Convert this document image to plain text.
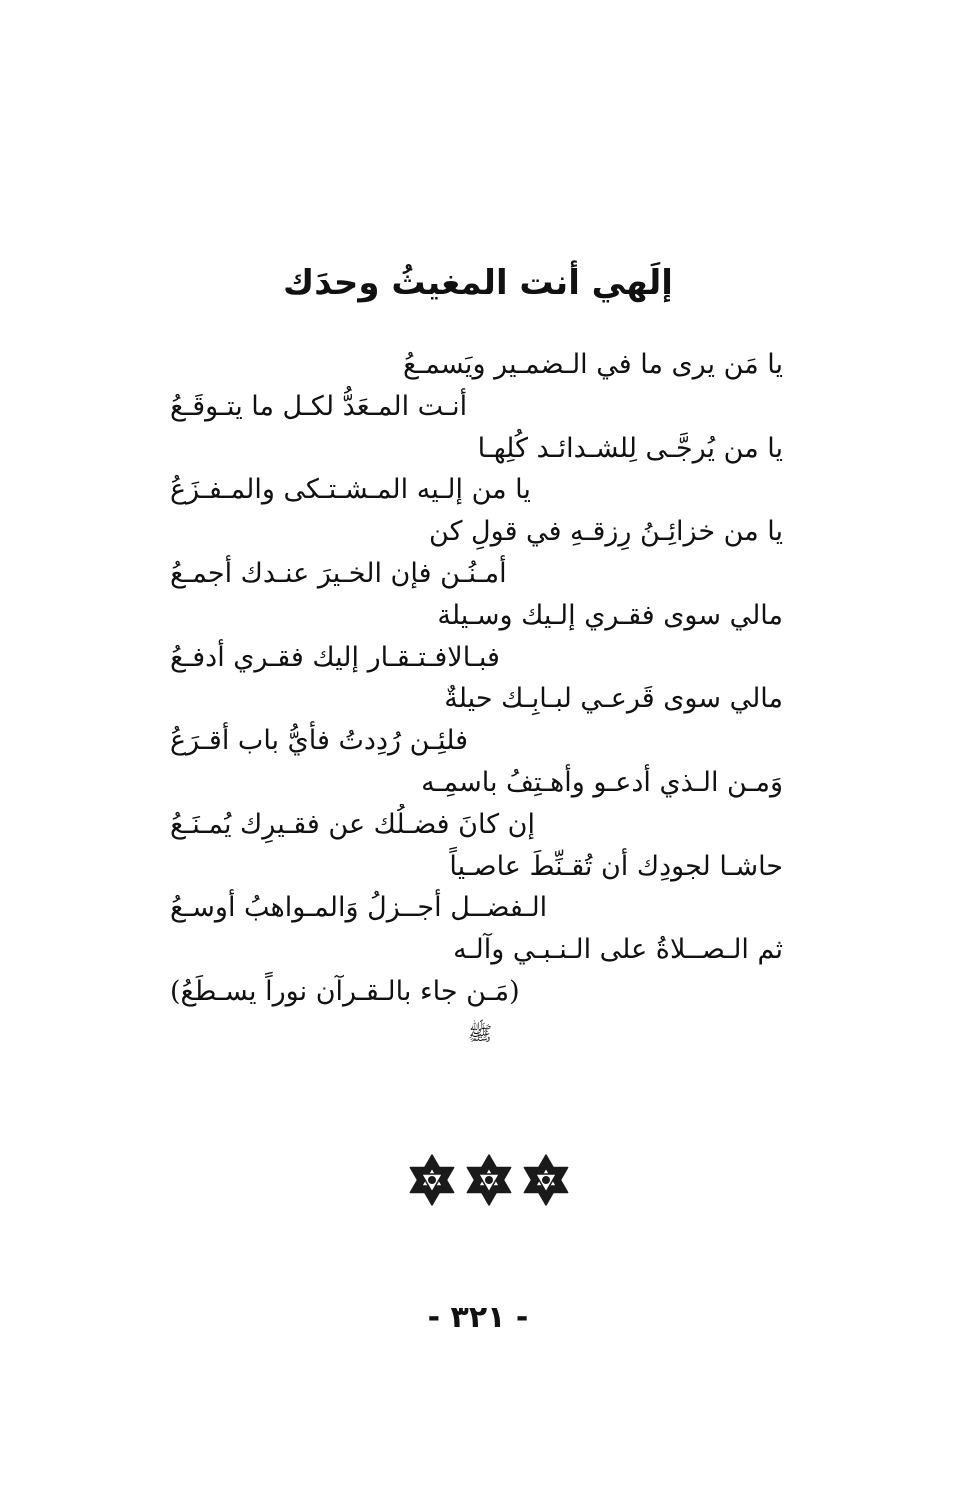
إلَهي أنت المغيثُ وحدَك
يا مَن يرى ما في الـضمـير ويَسمـعُ
أنـت المـعَدُّ لكـل ما يتـوقَـعُ
يا من يُرجَّـى لِلشـدائـد كُلِهـا
يا من إلـيه المـشـتـكى والمـفـزَعُ
يا من خزائِـنُ رِزقـهِ في قولِ كن
أمـنُـن فإن الخـيرَ عنـدك أجمـعُ
مالي سوى فقـري إلـيك وسـيلة
فبـالافـتـقـار إليك فقـري أدفـعُ
مالي سوى قَرعـي لبـابِـك حيلةٌ
فلئِـن رُدِدتُ فأيُّ باب أقـرَعُ
وَمـن الـذي أدعـو وأهـتِفُ باسمِـه
إن كانَ فضـلُك عن فقـيرِك يُمـنَـعُ
حاشـا لجودِك أن تُقـنِّطَ عاصـياً
الـفضــل أجــزلُ وَالمـواهبُ أوسـعُ
ثم الـصــلاةُ على الـنـبـي وآلـه
(مَـن جاء بالـقـرآن نوراً يسـطَعُ)
ﷺ
- ٣٢١ -
